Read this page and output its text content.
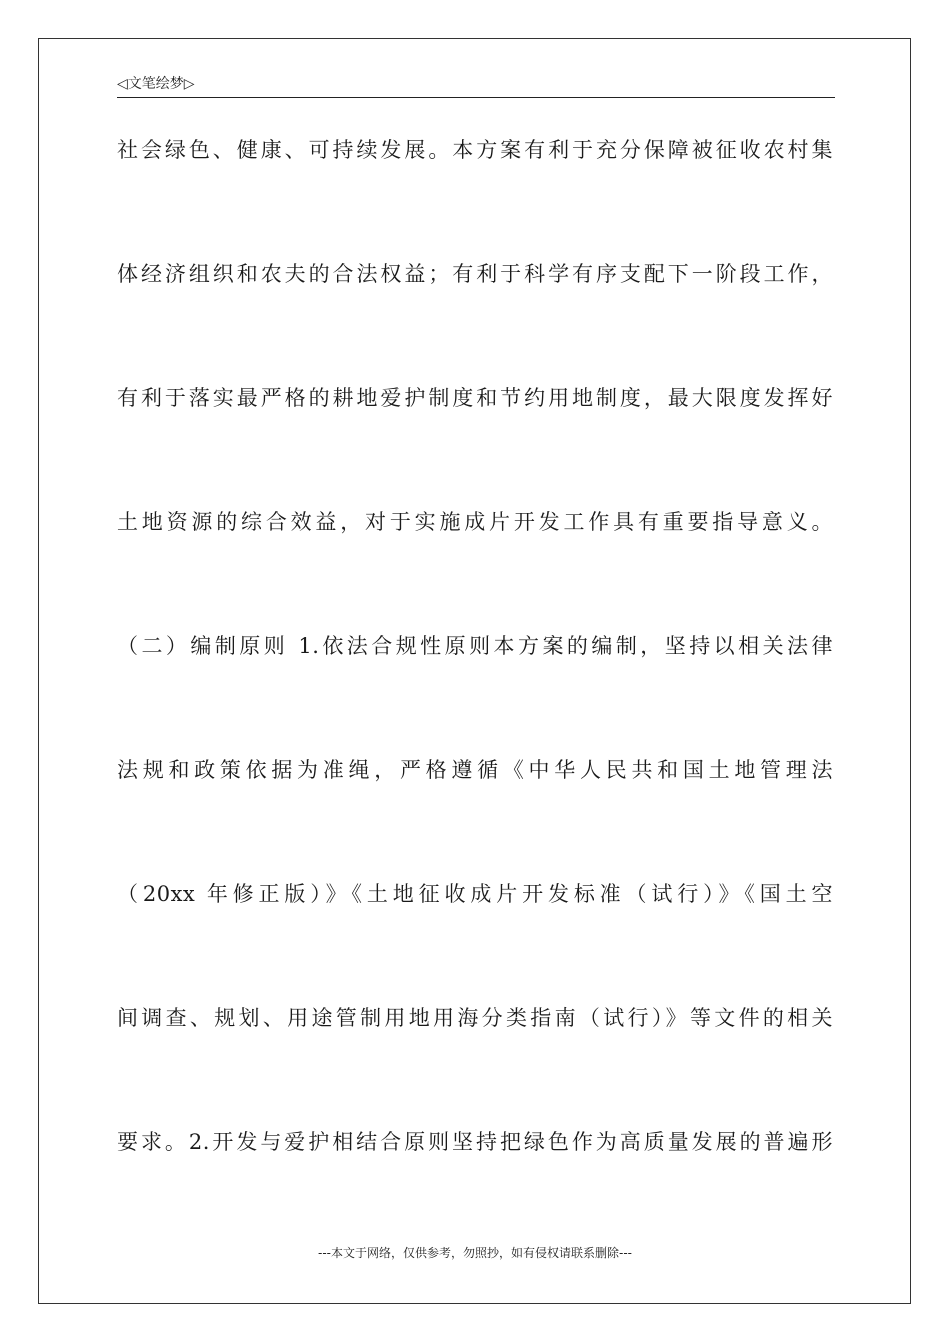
◁文笔绘梦▷
社会绿色、健康、可持续发展。本方案有利于充分保障被征收农村集
体经济组织和农夫的合法权益；有利于科学有序支配下一阶段工作，
有利于落实最严格的耕地爱护制度和节约用地制度，最大限度发挥好
土地资源的综合效益，对于实施成片开发工作具有重要指导意义。
（二）编制原则 1.依法合规性原则本方案的编制，坚持以相关法律
法规和政策依据为准绳，严格遵循《中华人民共和国土地管理法
（20xx 年修正版）》《土地征收成片开发标准（试行）》《国土空
间调查、规划、用途管制用地用海分类指南（试行）》等文件的相关
要求。2.开发与爱护相结合原则坚持把绿色作为高质量发展的普遍形
---本文于网络，仅供参考，勿照抄，如有侵权请联系删除---
